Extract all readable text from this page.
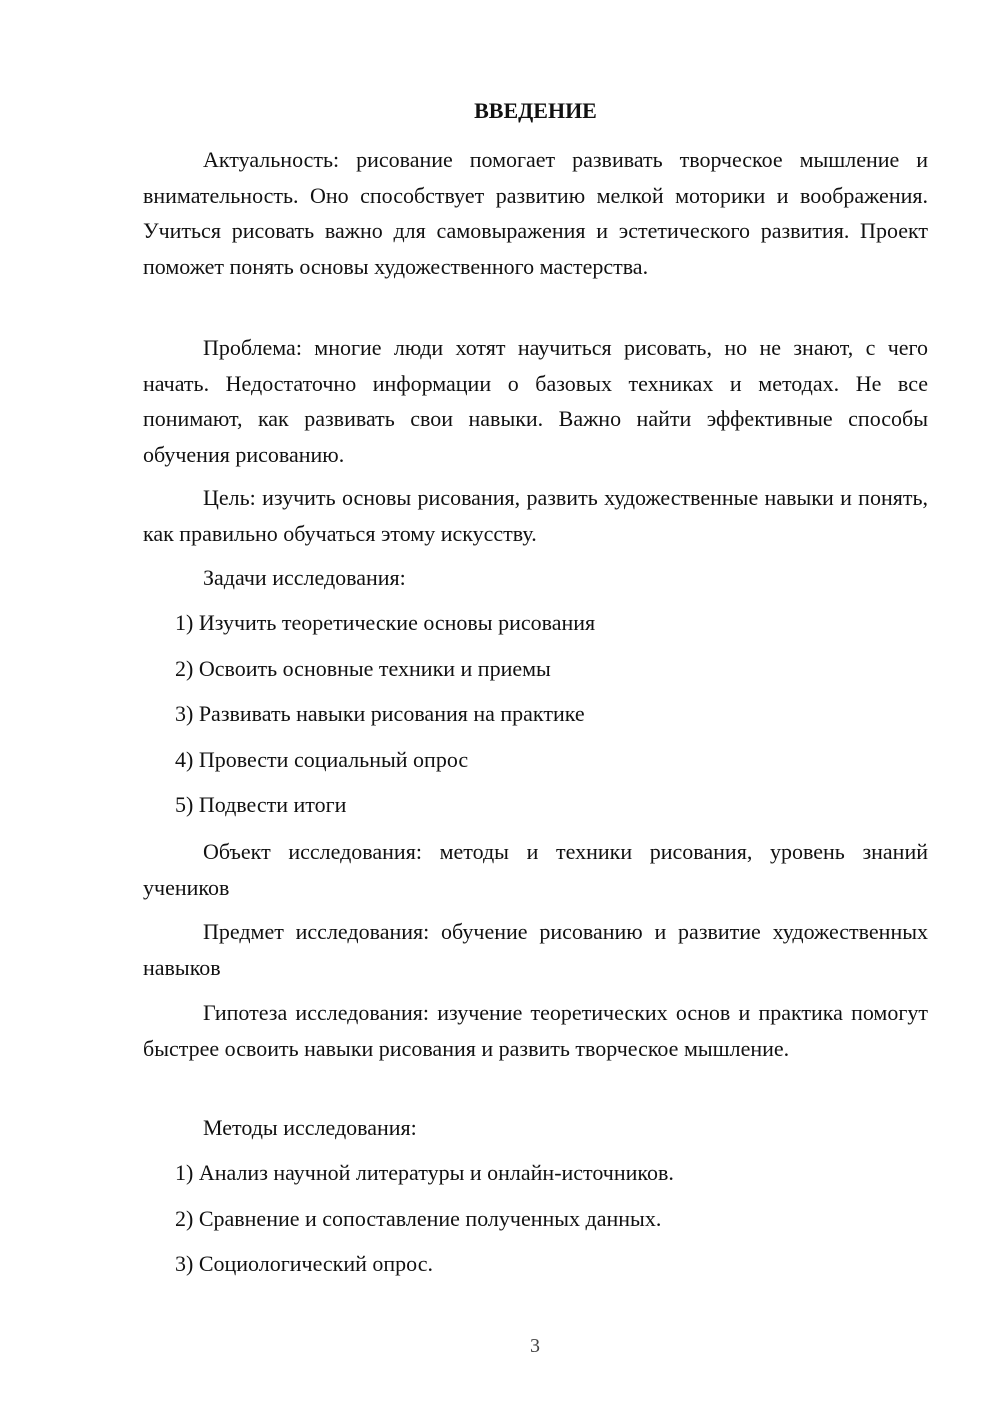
ВВЕДЕНИЕ

Актуальность: рисование помогает развивать творческое мышление и внимательность. Оно способствует развитию мелкой моторики и воображения. Учиться рисовать важно для самовыражения и эстетического развития. Проект поможет понять основы художественного мастерства.

Проблема: многие люди хотят научиться рисовать, но не знают, с чего начать. Недостаточно информации о базовых техниках и методах. Не все понимают, как развивать свои навыки. Важно найти эффективные способы обучения рисованию.

Цель: изучить основы рисования, развить художественные навыки и понять, как правильно обучаться этому искусству.

Задачи исследования:

1) Изучить теоретические основы рисования

2) Освоить основные техники и приемы

3) Развивать навыки рисования на практике

4) Провести социальный опрос

5) Подвести итоги

Объект исследования: методы и техники рисования, уровень знаний учеников

Предмет исследования: обучение рисованию и развитие художественных навыков

Гипотеза исследования: изучение теоретических основ и практика помогут быстрее освоить навыки рисования и развить творческое мышление.

Методы исследования:

1) Анализ научной литературы и онлайн-источников.

2) Сравнение и сопоставление полученных данных.

3) Социологический опрос.

3
